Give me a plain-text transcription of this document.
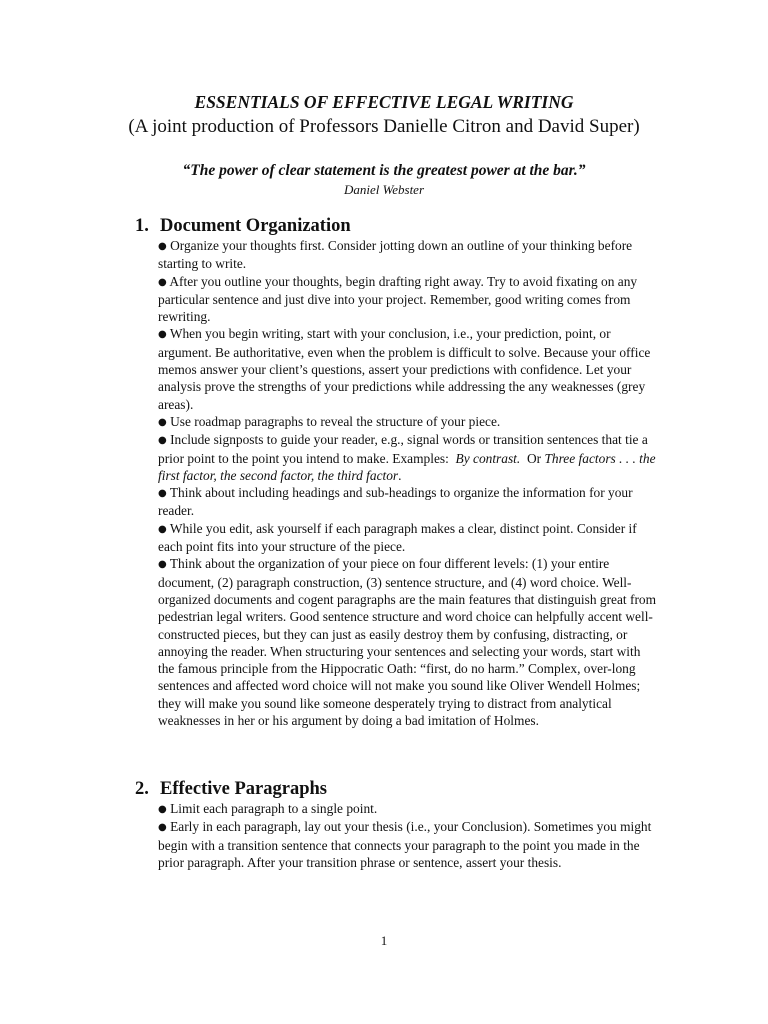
ESSENTIALS OF EFFECTIVE LEGAL WRITING

(A joint production of Professors Danielle Citron and David Super)

“The power of clear statement is the greatest power at the bar.”

Daniel Webster

1. Document Organization

● Organize your thoughts first. Consider jotting down an outline of your thinking before starting to write.

● After you outline your thoughts, begin drafting right away. Try to avoid fixating on any particular sentence and just dive into your project. Remember, good writing comes from rewriting.

● When you begin writing, start with your conclusion, i.e., your prediction, point, or argument. Be authoritative, even when the problem is difficult to solve. Because your office memos answer your client’s questions, assert your predictions with confidence. Let your analysis prove the strengths of your predictions while addressing the any weaknesses (grey areas).

● Use roadmap paragraphs to reveal the structure of your piece.

● Include signposts to guide your reader, e.g., signal words or transition sentences that tie a prior point to the point you intend to make. Examples: By contrast. Or Three factors . . . the first factor, the second factor, the third factor.

● Think about including headings and sub-headings to organize the information for your reader.

● While you edit, ask yourself if each paragraph makes a clear, distinct point. Consider if each point fits into your structure of the piece.

● Think about the organization of your piece on four different levels: (1) your entire document, (2) paragraph construction, (3) sentence structure, and (4) word choice. Well-organized documents and cogent paragraphs are the main features that distinguish great from pedestrian legal writers. Good sentence structure and word choice can helpfully accent well-constructed pieces, but they can just as easily destroy them by confusing, distracting, or annoying the reader. When structuring your sentences and selecting your words, start with the famous principle from the Hippocratic Oath: “first, do no harm.” Complex, over-long sentences and affected word choice will not make you sound like Oliver Wendell Holmes; they will make you sound like someone desperately trying to distract from analytical weaknesses in her or his argument by doing a bad imitation of Holmes.

2. Effective Paragraphs

● Limit each paragraph to a single point.

● Early in each paragraph, lay out your thesis (i.e., your Conclusion). Sometimes you might begin with a transition sentence that connects your paragraph to the point you made in the prior paragraph. After your transition phrase or sentence, assert your thesis.

1
